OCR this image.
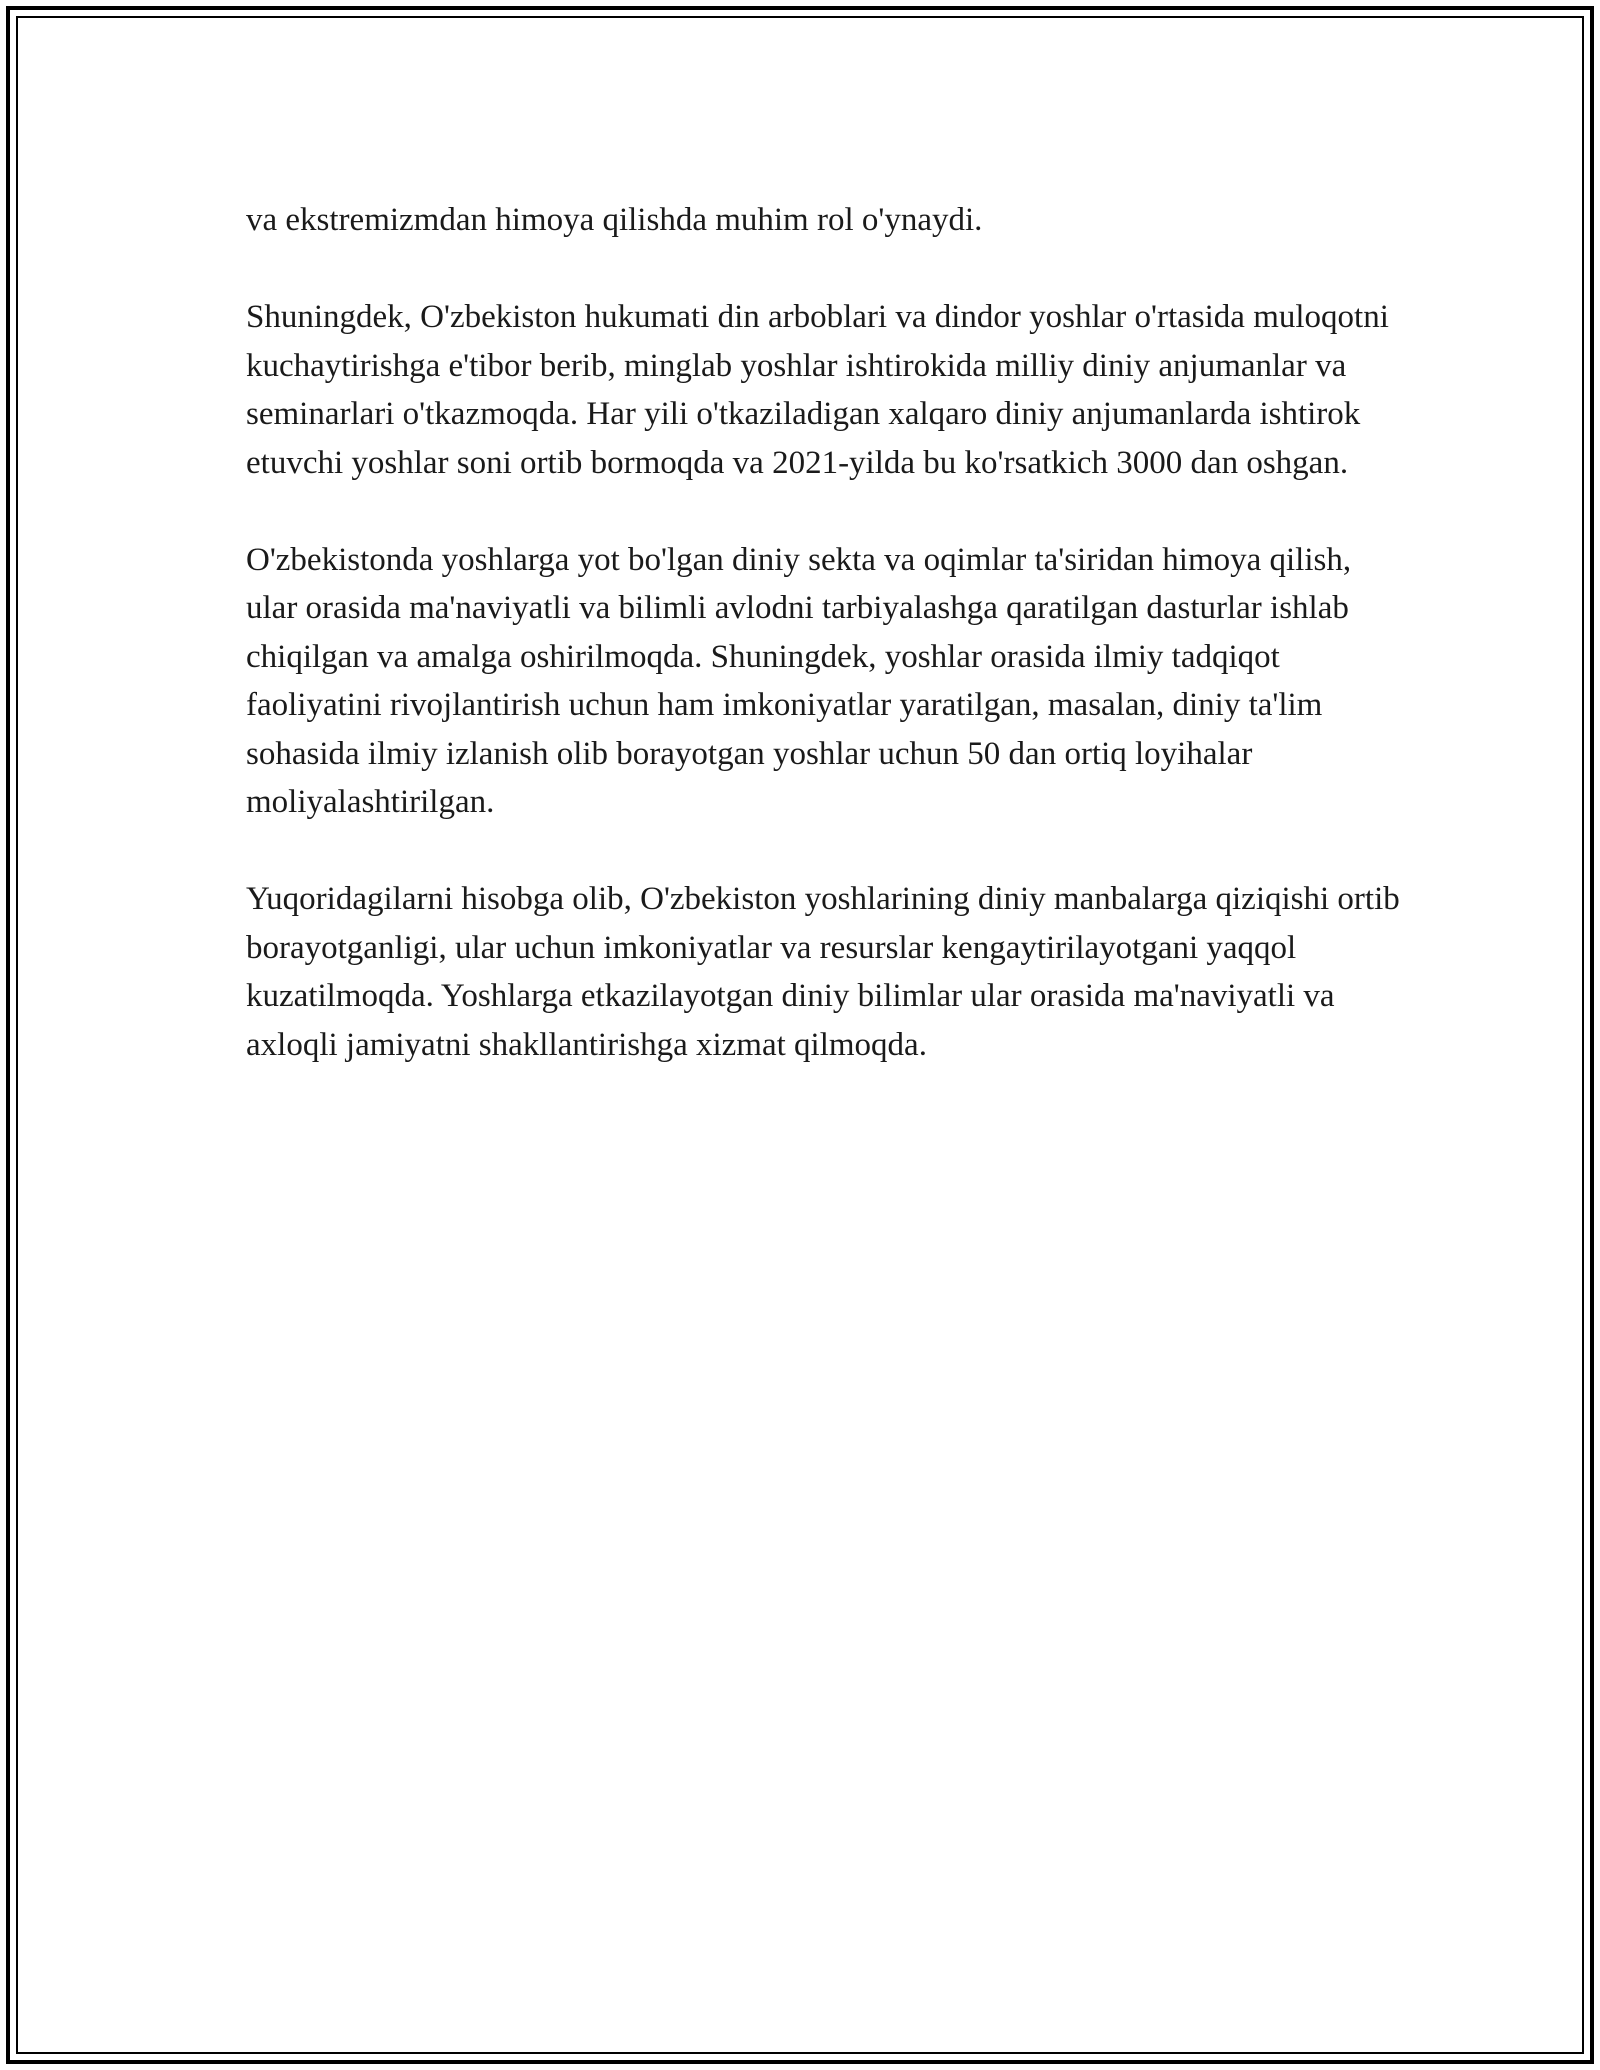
va ekstremizmdan himoya qilishda muhim rol o'ynaydi.

Shuningdek, O'zbekiston hukumati din arboblari va dindor yoshlar o'rtasida muloqotni kuchaytirishga e'tibor berib, minglab yoshlar ishtirokida milliy diniy anjumanlar va seminarlari o'tkazmoqda. Har yili o'tkaziladigan xalqaro diniy anjumanlarda ishtirok etuvchi yoshlar soni ortib bormoqda va 2021-yilda bu ko'rsatkich 3000 dan oshgan.

O'zbekistonda yoshlarga yot bo'lgan diniy sekta va oqimlar ta'siridan himoya qilish, ular orasida ma'naviyatli va bilimli avlodni tarbiyalashga qaratilgan dasturlar ishlab chiqilgan va amalga oshirilmoqda. Shuningdek, yoshlar orasida ilmiy tadqiqot faoliyatini rivojlantirish uchun ham imkoniyatlar yaratilgan, masalan, diniy ta'lim sohasida ilmiy izlanish olib borayotgan yoshlar uchun 50 dan ortiq loyihalar moliyalashtirilgan.

Yuqoridagilarni hisobga olib, O'zbekiston yoshlarining diniy manbalarga qiziqishi ortib borayotganligi, ular uchun imkoniyatlar va resurslar kengaytirilayotgani yaqqol kuzatilmoqda. Yoshlarga etkazilayotgan diniy bilimlar ular orasida ma'naviyatli va axloqli jamiyatni shakllantirishga xizmat qilmoqda.
